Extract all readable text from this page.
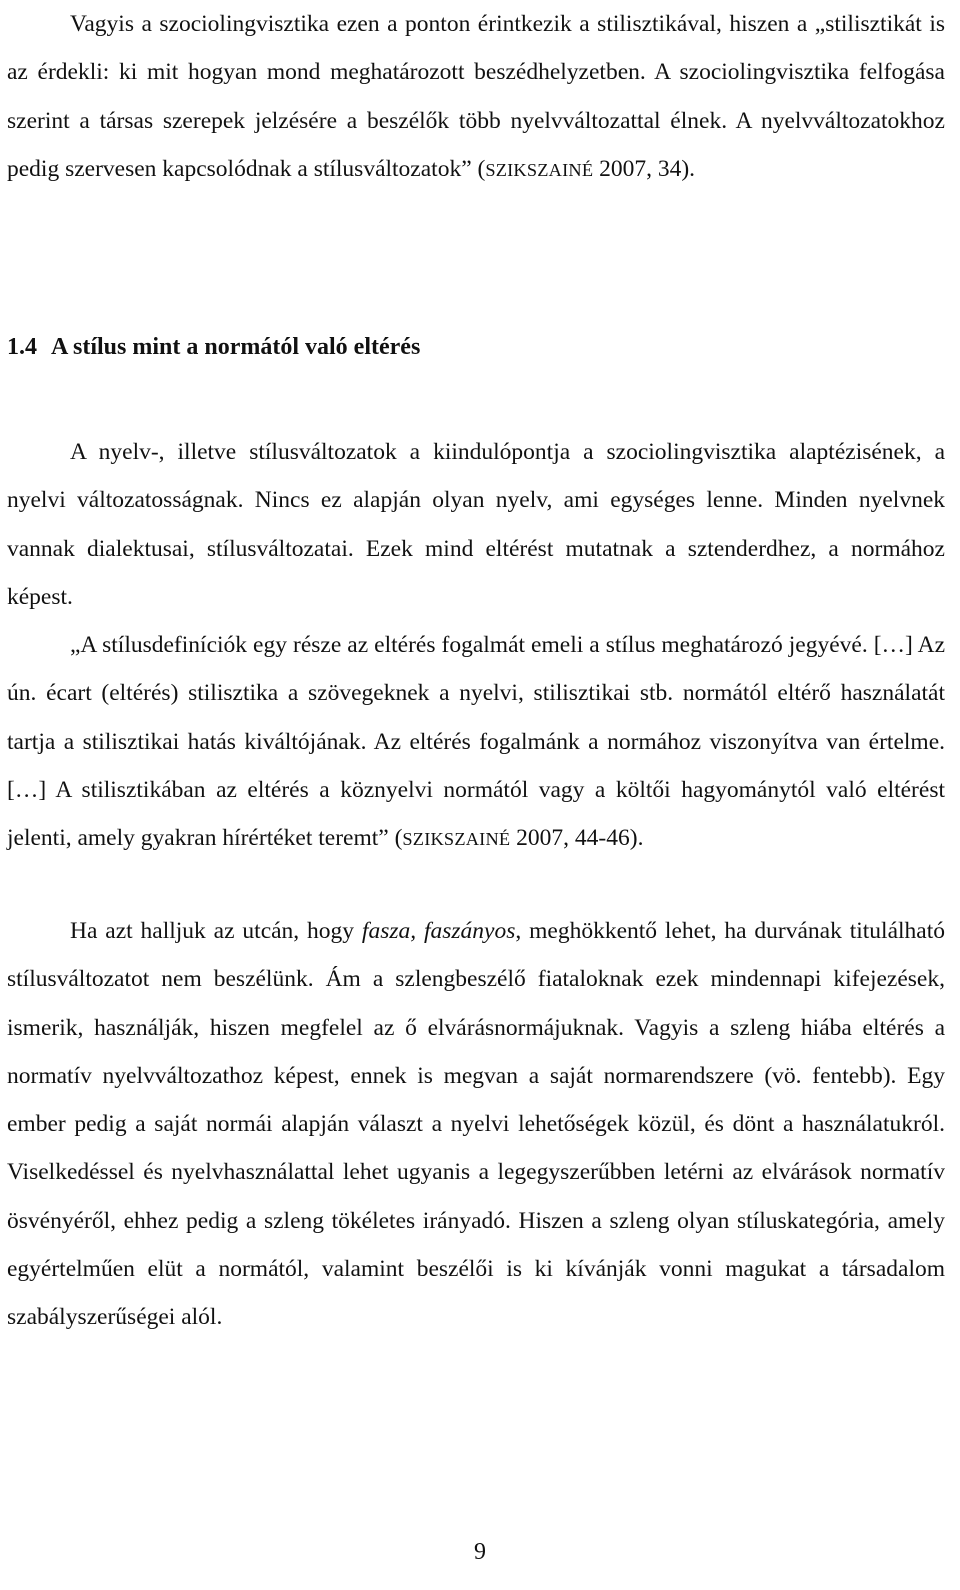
Vagyis a szociolingvisztika ezen a ponton érintkezik a stilisztikával, hiszen a „stilisztikát is az érdekli: ki mit hogyan mond meghatározott beszédhelyzetben. A szociolingvisztika felfogása szerint a társas szerepek jelzésére a beszélők több nyelvváltozattal élnek. A nyelvváltozatokhoz pedig szervesen kapcsolódnak a stílusváltozatok” (SZIKSZAINÉ 2007, 34).

1.4 A stílus mint a normától való eltérés

A nyelv-, illetve stílusváltozatok a kiindulópontja a szociolingvisztika alaptézisének, a nyelvi változatosságnak. Nincs ez alapján olyan nyelv, ami egységes lenne. Minden nyelvnek vannak dialektusai, stílusváltozatai. Ezek mind eltérést mutatnak a sztenderdhez, a normához képest.

„A stílusdefiníciók egy része az eltérés fogalmát emeli a stílus meghatározó jegyévé. […] Az ún. écart (eltérés) stilisztika a szövegeknek a nyelvi, stilisztikai stb. normától eltérő használatát tartja a stilisztikai hatás kiváltójának. Az eltérés fogalmánk a normához viszonyítva van értelme. […] A stilisztikában az eltérés a köznyelvi normától vagy a költői hagyománytól való eltérést jelenti, amely gyakran hírértéket teremt” (SZIKSZAINÉ 2007, 44-46).

Ha azt halljuk az utcán, hogy fasza, faszányos, meghökkentő lehet, ha durvának titulálható stílusváltozatot nem beszélünk. Ám a szlengbeszélő fiataloknak ezek mindennapi kifejezések, ismerik, használják, hiszen megfelel az ő elvárásnormájuknak. Vagyis a szleng hiába eltérés a normatív nyelvváltozathoz képest, ennek is megvan a saját normarendszere (vö. fentebb). Egy ember pedig a saját normái alapján választ a nyelvi lehetőségek közül, és dönt a használatukról. Viselkedéssel és nyelvhasználattal lehet ugyanis a legegyszerűbben letérni az elvárások normatív ösvényéről, ehhez pedig a szleng tökéletes irányadó. Hiszen a szleng olyan stíluskategória, amely egyértelműen elüt a normától, valamint beszélői is ki kívánják vonni magukat a társadalom szabályszerűségei alól.

9
